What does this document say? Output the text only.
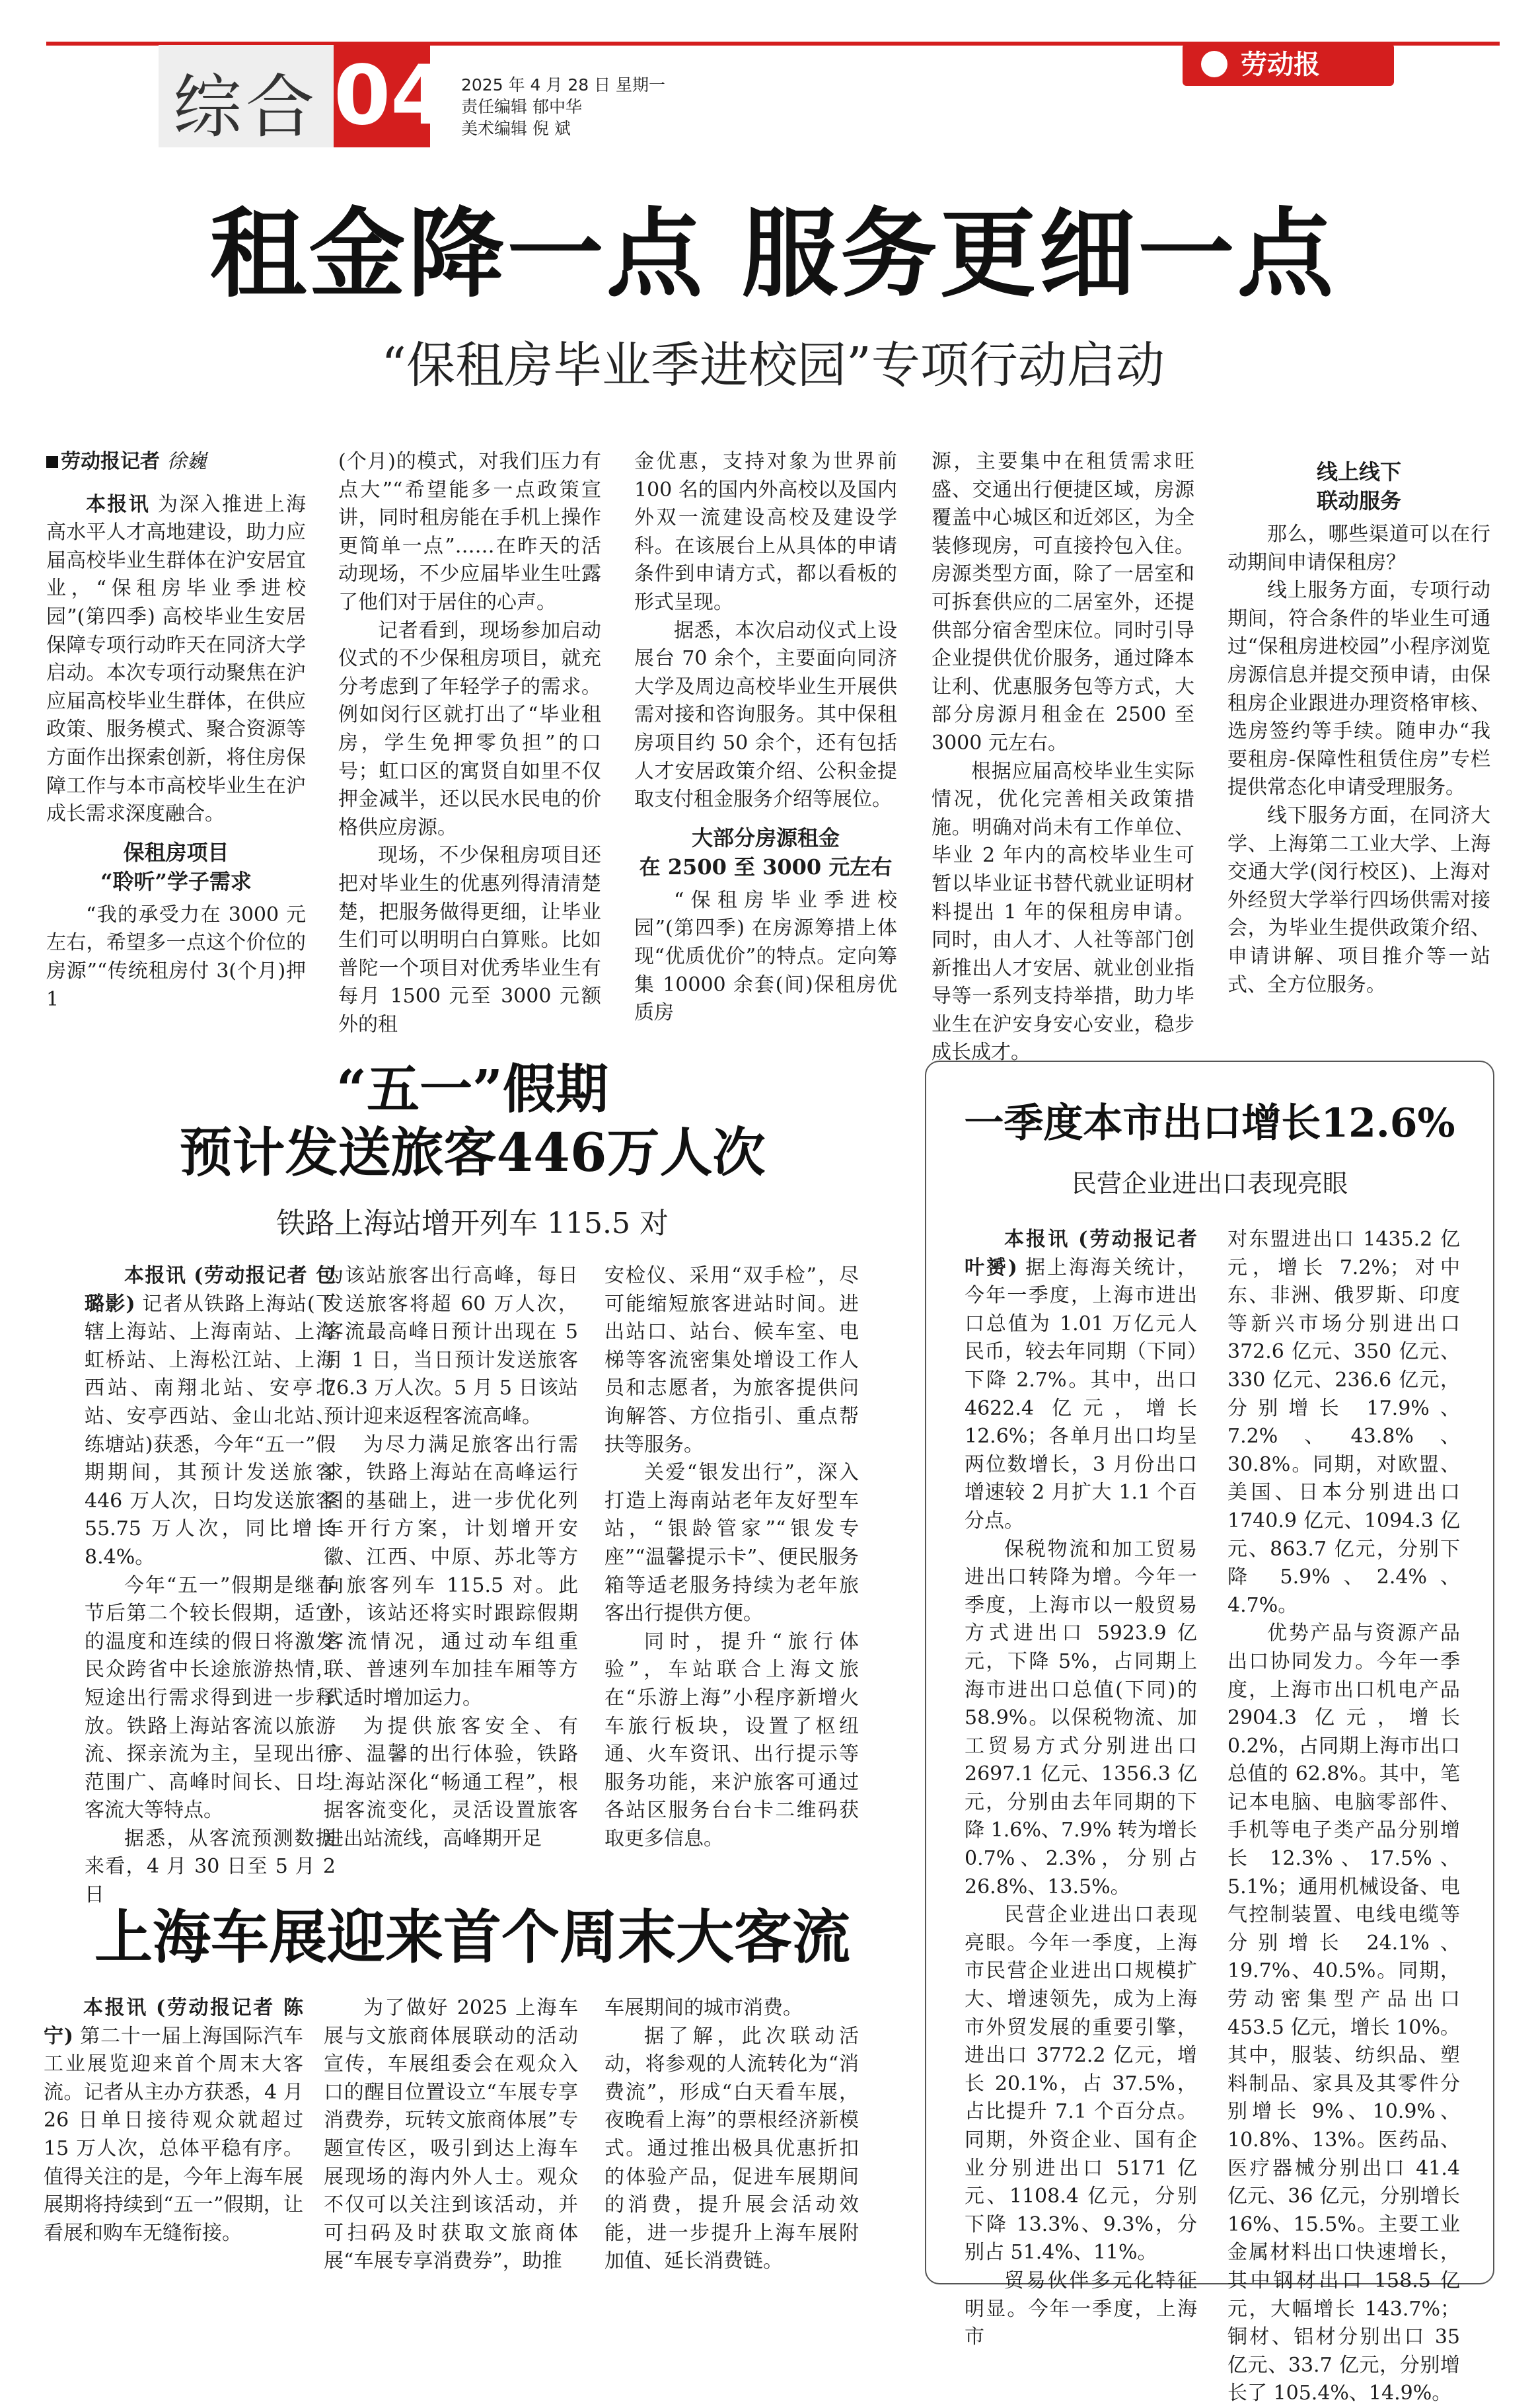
综合 04 2025 年 4 月 28 日 星期一
责任编辑 郁中华
美术编辑 倪 斌
劳动报
租金降一点 服务更细一点
“保租房毕业季进校园”专项行动启动

劳动报记者 徐巍

本报讯 为深入推进上海高水平人才高地建设，助力应届高校毕业生群体在沪安居宜业，“保租房毕业季进校园”(第四季) 高校毕业生安居保障专项行动昨天在同济大学启动。本次专项行动聚焦在沪应届高校毕业生群体，在供应政策、服务模式、聚合资源等方面作出探索创新，将住房保障工作与本市高校毕业生在沪成长需求深度融合。

保租房项目
“聆听”学子需求

“我的承受力在 3000 元左右，希望多一点这个价位的房源”“传统租房付 3(个月)押 1

(个月)的模式，对我们压力有点大”“希望能多一点政策宣讲，同时租房能在手机上操作更简单一点”……在昨天的活动现场，不少应届毕业生吐露了他们对于居住的心声。

记者看到，现场参加启动仪式的不少保租房项目，就充分考虑到了年轻学子的需求。例如闵行区就打出了“毕业租房，学生免押零负担”的口号；虹口区的寓贤自如里不仅押金减半，还以民水民电的价格供应房源。

现场，不少保租房项目还把对毕业生的优惠列得清清楚楚，把服务做得更细，让毕业生们可以明明白白算账。比如普陀一个项目对优秀毕业生有每月 1500 元至 3000 元额外的租

金优惠，支持对象为世界前 100 名的国内外高校以及国内外双一流建设高校及建设学科。在该展台上从具体的申请条件到申请方式，都以看板的形式呈现。

据悉，本次启动仪式上设展台 70 余个，主要面向同济大学及周边高校毕业生开展供需对接和咨询服务。其中保租房项目约 50 余个，还有包括人才安居政策介绍、公积金提取支付租金服务介绍等展位。

大部分房源租金
在 2500 至 3000 元左右

“保租房毕业季进校园”(第四季) 在房源筹措上体现“优质优价”的特点。定向筹集 10000 余套(间)保租房优质房

源，主要集中在租赁需求旺盛、交通出行便捷区域，房源覆盖中心城区和近郊区，为全装修现房，可直接拎包入住。房源类型方面，除了一居室和可拆套供应的二居室外，还提供部分宿舍型床位。同时引导企业提供优价服务，通过降本让利、优惠服务包等方式，大部分房源月租金在 2500 至 3000 元左右。

根据应届高校毕业生实际情况，优化完善相关政策措施。明确对尚未有工作单位、毕业 2 年内的高校毕业生可暂以毕业证书替代就业证明材料提出 1 年的保租房申请。同时，由人才、人社等部门创新推出人才安居、就业创业指导等一系列支持举措，助力毕业生在沪安身安心安业，稳步成长成才。

线上线下
联动服务

那么，哪些渠道可以在行动期间申请保租房？

线上服务方面，专项行动期间，符合条件的毕业生可通过“保租房进校园”小程序浏览房源信息并提交预申请，由保租房企业跟进办理资格审核、选房签约等手续。随申办“我要租房-保障性租赁住房”专栏提供常态化申请受理服务。

线下服务方面，在同济大学、上海第二工业大学、上海交通大学(闵行校区)、上海对外经贸大学举行四场供需对接会，为毕业生提供政策介绍、申请讲解、项目推介等一站式、全方位服务。

“五一”假期
预计发送旅客446万人次
铁路上海站增开列车 115.5 对

本报讯 (劳动报记者 包璐影) 记者从铁路上海站(下辖上海站、上海南站、上海虹桥站、上海松江站、上海西站、南翔北站、安亭北站、安亭西站、金山北站、练塘站)获悉，今年“五一”假期期间，其预计发送旅客 446 万人次，日均发送旅客 55.75 万人次，同比增长 8.4%。

今年“五一”假期是继春节后第二个较长假期，适宜的温度和连续的假日将激发民众跨省中长途旅游热情，短途出行需求得到进一步释放。铁路上海站客流以旅游流、探亲流为主，呈现出行范围广、高峰时间长、日均客流大等特点。

据悉，从客流预测数据来看，4 月 30 日至 5 月 2 日

为该站旅客出行高峰，每日发送旅客将超 60 万人次，客流最高峰日预计出现在 5 月 1 日，当日预计发送旅客 76.3 万人次。5 月 5 日该站预计迎来返程客流高峰。

为尽力满足旅客出行需求，铁路上海站在高峰运行图的基础上，进一步优化列车开行方案，计划增开安徽、江西、中原、苏北等方向旅客列车 115.5 对。此外，该站还将实时跟踪假期客流情况，通过动车组重联、普速列车加挂车厢等方式适时增加运力。

为提供旅客安全、有序、温馨的出行体验，铁路上海站深化“畅通工程”，根据客流变化，灵活设置旅客进出站流线，高峰期开足

安检仪、采用“双手检”，尽可能缩短旅客进站时间。进出站口、站台、候车室、电梯等客流密集处增设工作人员和志愿者，为旅客提供问询解答、方位指引、重点帮扶等服务。

关爱“银发出行”，深入打造上海南站老年友好型车站，“银龄管家”“银发专座”“温馨提示卡”、便民服务箱等适老服务持续为老年旅客出行提供方便。

同时，提升“旅行体验”，车站联合上海文旅在“乐游上海”小程序新增火车旅行板块，设置了枢纽通、火车资讯、出行提示等服务功能，来沪旅客可通过各站区服务台台卡二维码获取更多信息。

上海车展迎来首个周末大客流

本报讯 (劳动报记者 陈宁) 第二十一届上海国际汽车工业展览迎来首个周末大客流。记者从主办方获悉，4 月 26 日单日接待观众就超过 15 万人次，总体平稳有序。值得关注的是，今年上海车展展期将持续到“五一”假期，让看展和购车无缝衔接。

为了做好 2025 上海车展与文旅商体展联动的活动宣传，车展组委会在观众入口的醒目位置设立“车展专享消费券，玩转文旅商体展”专题宣传区，吸引到达上海车展现场的海内外人士。观众不仅可以关注到该活动，并可扫码及时获取文旅商体展“车展专享消费券”，助推

车展期间的城市消费。

据了解，此次联动活动，将参观的人流转化为“消费流”，形成“白天看车展，夜晚看上海”的票根经济新模式。通过推出极具优惠折扣的体验产品，促进车展期间的消费，提升展会活动效能，进一步提升上海车展附加值、延长消费链。

一季度本市出口增长12.6%
民营企业进出口表现亮眼

本报讯 (劳动报记者 叶赟) 据上海海关统计，今年一季度，上海市进出口总值为 1.01 万亿元人民币，较去年同期（下同）下降 2.7%。其中，出口 4622.4 亿元，增长 12.6%；各单月出口均呈两位数增长，3 月份出口增速较 2 月扩大 1.1 个百分点。

保税物流和加工贸易进出口转降为增。今年一季度，上海市以一般贸易方式进出口 5923.9 亿元，下降 5%，占同期上海市进出口总值(下同)的 58.9%。以保税物流、加工贸易方式分别进出口 2697.1 亿元、1356.3 亿元，分别由去年同期的下降 1.6%、7.9% 转为增长 0.7%、2.3%，分别占 26.8%、13.5%。

民营企业进出口表现亮眼。今年一季度，上海市民营企业进出口规模扩大、增速领先，成为上海市外贸发展的重要引擎，进出口 3772.2 亿元，增长 20.1%，占 37.5%，占比提升 7.1 个百分点。同期，外资企业、国有企业分别进出口 5171 亿元、1108.4 亿元，分别下降 13.3%、9.3%，分别占 51.4%、11%。

贸易伙伴多元化特征明显。今年一季度，上海市

对东盟进出口 1435.2 亿元，增长 7.2%；对中东、非洲、俄罗斯、印度等新兴市场分别进出口 372.6 亿元、350 亿元、330 亿元、236.6 亿元，分别增长 17.9%、7.2%、43.8%、30.8%。同期，对欧盟、美国、日本分别进出口 1740.9 亿元、1094.3 亿元、863.7 亿元，分别下降 5.9%、2.4%、4.7%。

优势产品与资源产品出口协同发力。今年一季度，上海市出口机电产品 2904.3 亿元，增长 0.2%，占同期上海市出口总值的 62.8%。其中，笔记本电脑、电脑零部件、手机等电子类产品分别增长 12.3%、17.5%、5.1%；通用机械设备、电气控制装置、电线电缆等分别增长 24.1%、19.7%、40.5%。同期，劳动密集型产品出口 453.5 亿元，增长 10%。其中，服装、纺织品、塑料制品、家具及其零件分别增长 9%、10.9%、10.8%、13%。医药品、医疗器械分别出口 41.4 亿元、36 亿元，分别增长 16%、15.5%。主要工业金属材料出口快速增长，其中钢材出口 158.5 亿元，大幅增长 143.7%；铜材、铝材分别出口 35 亿元、33.7 亿元，分别增长了 105.4%、14.9%。
